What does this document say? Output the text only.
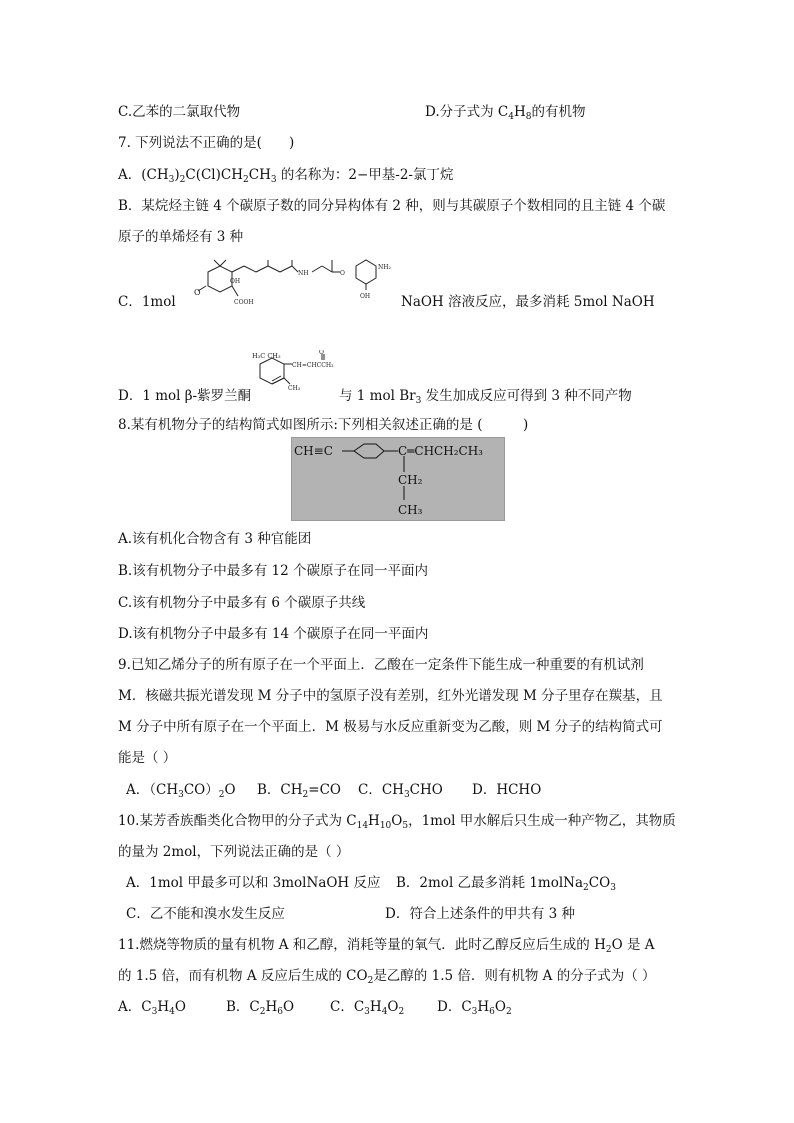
C.乙苯的二氯取代物	D.分子式为 $C_4H_8$的有机物
7. 下列说法不正确的是(　　)
A．$(CH_3)_2C(Cl)CH_2CH_3$ 的名称为：2−甲基-2-氯丁烷
B．某烷烃主链 4 个碳原子数的同分异构体有 2 种，则与其碳原子个数相同的且主链 4 个碳
原子的单烯烃有 3 种
C．1mol	NaOH 溶液反应，最多消耗 5mol NaOH
O
OH
COOH
NH	O
OH
NH₂
D．1 mol β-紫罗兰酮	与 1 mol $Br_3$ 发生加成反应可得到 3 种不同产物
H₃C CH₃
CH=CHCCH₃
O
CH₃
8.某有机物分子的结构简式如图所示:下列相关叙述正确的是 (　　　)
CH≡C	C═CHCH₂CH₃
CH₂
CH₃
A.该有机化合物含有 3 种官能团
B.该有机物分子中最多有 12 个碳原子在同一平面内
C.该有机物分子中最多有 6 个碳原子共线
D.该有机物分子中最多有 14 个碳原子在同一平面内
9.已知乙烯分子的所有原子在一个平面上．乙酸在一定条件下能生成一种重要的有机试剂
M．核磁共振光谱发现 M 分子中的氢原子没有差别，红外光谱发现 M 分子里存在羰基，且
M 分子中所有原子在一个平面上．M 极易与水反应重新变为乙酸，则 M 分子的结构简式可
能是（ ）
A．$(CH_3CO)_2O$ B．$CH_2=CO$ C．$CH_3CHO$ D．HCHO
10.某芳香族酯类化合物甲的分子式为 $C_{14}H_{10}O_5$，1mol 甲水解后只生成一种产物乙，其物质
的量为 2mol，下列说法正确的是（ ）
A．1mol 甲最多可以和 3molNaOH 反应 B．2mol 乙最多消耗 $1molNa_2CO_3$
C．乙不能和溴水发生反应	D．符合上述条件的甲共有 3 种
11.燃烧等物质的量有机物 A 和乙醇，消耗等量的氧气．此时乙醇反应后生成的 $H_2O$ 是 A
的 1.5 倍，而有机物 A 反应后生成的 $CO_2$是乙醇的 1.5 倍．则有机物 A 的分子式为（ ）
A．$C_3H_4O$	B．$C_2H_6O$	C．$C_3H_4O_2$ D．$C_3H_6O_2$
